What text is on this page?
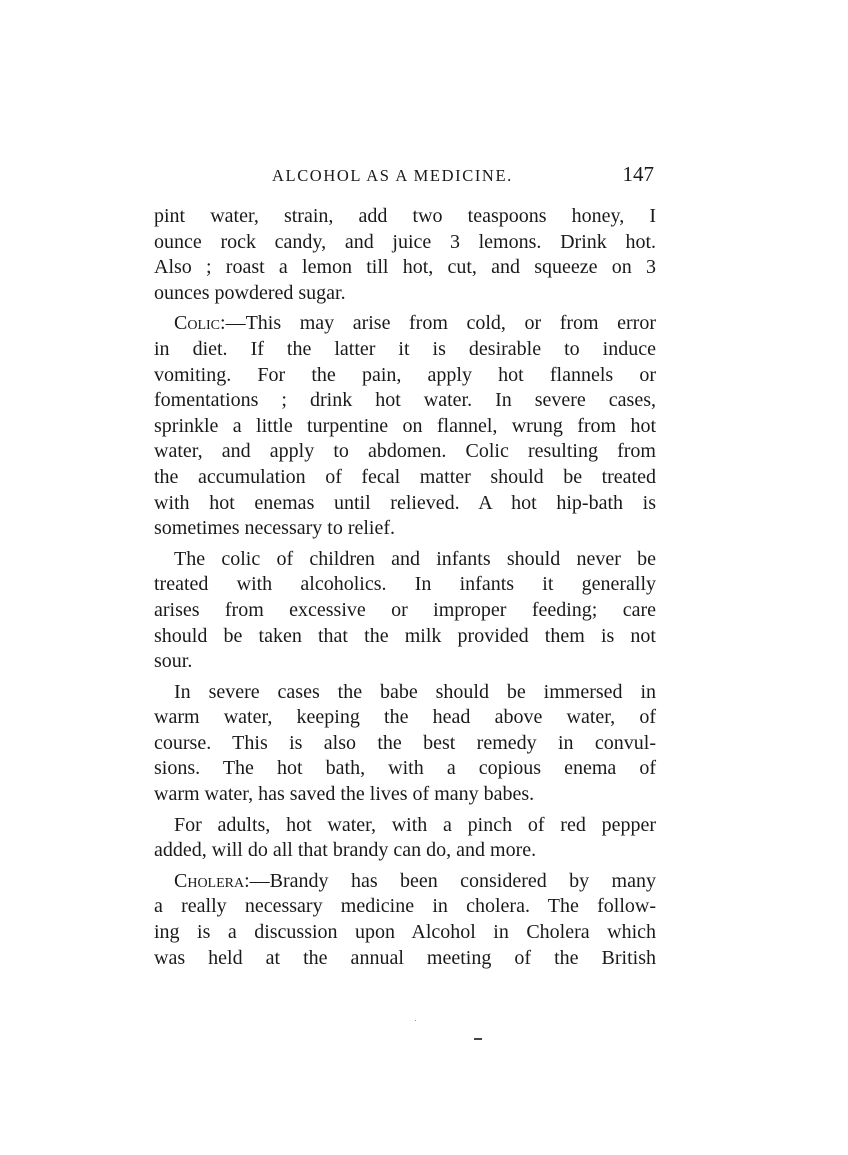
ALCOHOL AS A MEDICINE.	147
pint water, strain, add two teaspoons honey, I
ounce rock candy, and juice 3 lemons. Drink hot.
Also ; roast a lemon till hot, cut, and squeeze on 3
ounces powdered sugar.
Colic:—This may arise from cold, or from error
in diet. If the latter it is desirable to induce
vomiting. For the pain, apply hot flannels or
fomentations ; drink hot water. In severe cases,
sprinkle a little turpentine on flannel, wrung from hot
water, and apply to abdomen. Colic resulting from
the accumulation of fecal matter should be treated
with hot enemas until relieved. A hot hip-bath is
sometimes necessary to relief.
The colic of children and infants should never be
treated with alcoholics. In infants it generally
arises from excessive or improper feeding; care
should be taken that the milk provided them is not
sour.
In severe cases the babe should be immersed in
warm water, keeping the head above water, of
course. This is also the best remedy in convul-
sions. The hot bath, with a copious enema of
warm water, has saved the lives of many babes.
For adults, hot water, with a pinch of red pepper
added, will do all that brandy can do, and more.
Cholera:—Brandy has been considered by many
a really necessary medicine in cholera. The follow-
ing is a discussion upon Alcohol in Cholera which
was held at the annual meeting of the British
